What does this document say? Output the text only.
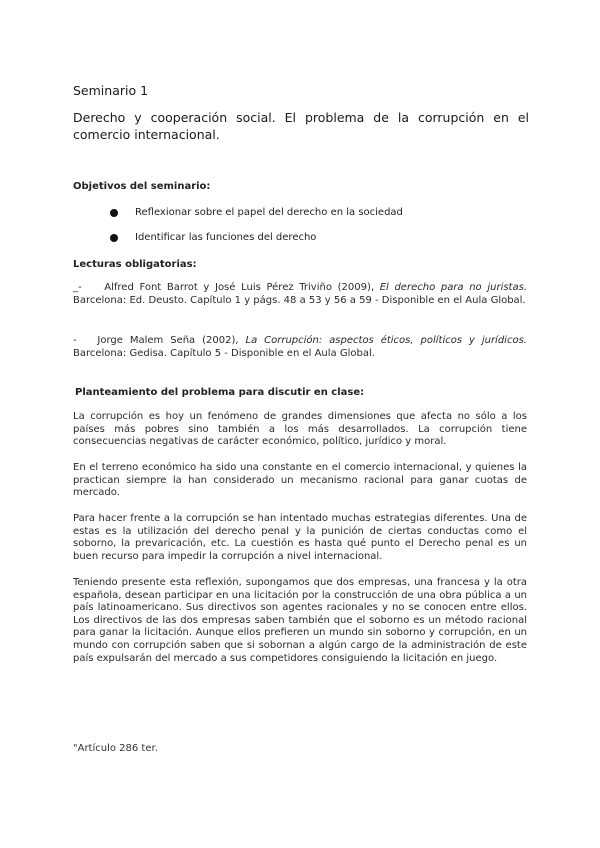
Seminario 1
Derecho y cooperación social. El problema de la corrupción en el comercio internacional.
Objetivos del seminario:
Reflexionar sobre el papel del derecho en la sociedad
Identificar las funciones del derecho
Lecturas obligatorias:
_- Alfred Font Barrot y José Luis Pérez Triviño (2009), El derecho para no juristas. Barcelona: Ed. Deusto. Capítulo 1 y págs. 48 a 53 y 56 a 59 - Disponible en el Aula Global.
- Jorge Malem Seña (2002), La Corrupción: aspectos éticos, políticos y jurídicos. Barcelona: Gedisa. Capítulo 5 - Disponible en el Aula Global.
Planteamiento del problema para discutir en clase:
La corrupción es hoy un fenómeno de grandes dimensiones que afecta no sólo a los países más pobres sino también a los más desarrollados. La corrupción tiene consecuencias negativas de carácter económico, político, jurídico y moral.
En el terreno económico ha sido una constante en el comercio internacional, y quienes la practican siempre la han considerado un mecanismo racional para ganar cuotas de mercado.
Para hacer frente a la corrupción se han intentado muchas estrategias diferentes. Una de estas es la utilización del derecho penal y la punición de ciertas conductas como el soborno, la prevaricación, etc. La cuestión es hasta qué punto el Derecho penal es un buen recurso para impedir la corrupción a nivel internacional.
Teniendo presente esta reflexión, supongamos que dos empresas, una francesa y la otra española, desean participar en una licitación por la construcción de una obra pública a un país latinoamericano. Sus directivos son agentes racionales y no se conocen entre ellos. Los directivos de las dos empresas saben también que el soborno es un método racional para ganar la licitación. Aunque ellos prefieren un mundo sin soborno y corrupción, en un mundo con corrupción saben que si sobornan a algún cargo de la administración de este país expulsarán del mercado a sus competidores consiguiendo la licitación en juego.
"Artículo 286 ter.
